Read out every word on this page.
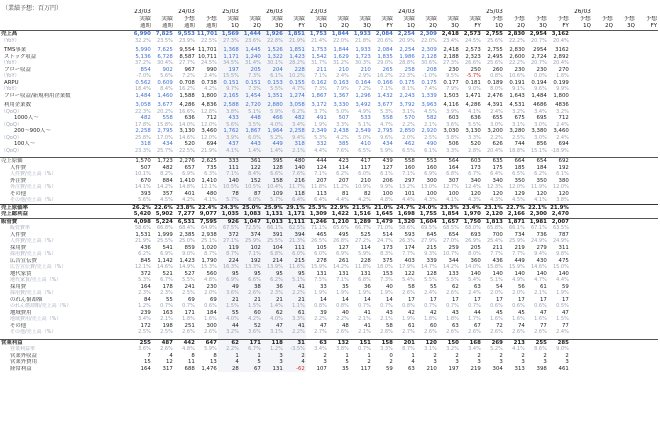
（業績予想：百万円）
		23/03		24/03		25/03		26/03		23/03				24/03				25/03				26/03			
	実績	実績	予想	予想	実績	実績	実績	実績	実績	実績	実績	実績	実績	実績	実績	実績	予想	予想	予想	予想	予想	予想	予想	予想
	通期	通期	通期	通期	1Q	2Q	3Q	FY	1Q	2Q	3Q	FY	1Q	2Q	3Q	FY	1Q	2Q	3Q	FY	1Q	2Q	3Q	FY
売上高	6,990	7,825	9,553	11,701	1,569	1,444	1,926	1,851	1,753	1,844	1,933	2,084	2,254	2,309	2,418	2,573	2,755	2,830	2,954	3,162				
（YoY）	32.2%	23.5%	23.9%	22.5%	27.3%	23.6%	22.8%	21.9%	21.4%	22.0%	21.8%	20.6%	20.9%	22.0%	23.4%	24.5%	25.6%	22.2%	20.7%	20.4%				

TMS事業	5,990	7,625	9,554	11,701	1,368	1,445	1,526	1,851	1,753	1,844	1,933	2,084	2,254	2,309	2,418	2,573	2,755	2,830	2954	3162				
ストック収益	5,136	6,728	8,587	10,711	1,171	1,240	1,322	1,423	1,542	1,629	1,723	1,835	1,986	2,128	2,188	2,323	2,495	2,600	2,724	2,892				
（YoY）	37.2%	30.4%	27.7%	24.5%	34.5%	31.4%	30.1%	28.2%	31.7%	31.2%	30.3%	29.0%	28.8%	30.6%	27.3%	26.6%	25.6%	22.2%	20.7%	20.4%				
フロー収益	854	902	967	990	197	205	204	228	211	210	210	265	258	208	230	250	260	230	230	270				
（YoY）	-7.0%	5.6%	7.2%	2.4%	15.5%	7.3%	6.1%	10.2%	7.1%	2.4%	2.9%	16.2%	22.3%	-1.0%	9.5%	-5.7%	0.8%	10.6%	0.0%	1.8%				
ARPU	0.562	0.609	0.708	0.738	0.151	0.151	0.153	0.155	0.162	0.163	0.164	0.166	0.175	0.175	0.177	0.181	0.189	0.191	0.194	0.199				
（YoY）	18.4%	8.4%	16.2%	4.2%	9.7%	7.3%	5.5%	4.7%	7.3%	7.9%	7.2%	7.1%	8.1%	7.4%	7.9%	9.0%	8.0%	9.1%	9.6%	9.9%				
フロー収益/新規利用企業数	1,484	1,460	1,588	1,800	2,165	1,454	1,351	1,274	1,867	1,367	1,296	1,432	2,243	1,339	1,503	1,471	2,476	1,643	1,484	1,800				

利用企業数	3,058	3,677	4,286	4,836	2,588	2,720	2,880	3,058	3,172	3,330	3,492	3,677	3,792	3,963	4,116	4,286	4,391	4,531	4686	4836				
（QoQ）	22.3%	20.2%	16.6%	12.8%	3.8%	5.1%	5.9%	6.2%	3.7%	5.0%	4.9%	5.3%	3.1%	4.5%	3.9%	4.1%	2.4%	3.2%	3.4%	3.2%				
1000人～	482	558	636	712	433	448	466	482	491	507	533	558	570	582	603	636	655	675	695	712				
（QoQ）	17.8%	15.8%	14.0%	12.0%	5.6%	3.5%	4.0%	3.4%	1.9%	3.3%	5.1%	4.7%	2.2%	2.1%	3.6%	5.5%	3.0%	3.1%	3.0%	2.4%				
200～900人～	2,258	2,795	3,130	3,460	1,762	1,867	1,964	2,258	2,349	2,438	2,549	2,795	2,850	2,920	3,030	3,130	3,200	3,280	3,380	3,460				
（QoQ）	25.8%	17.0%	14.6%	12.0%	3.9%	6.0%	5.2%	9.4%	5.3%	4.2%	5.0%	9.6%	2.0%	2.5%	3.8%	3.3%	2.2%	2.5%	3.0%	2.4%				
100人～	318	434	520	694	437	443	449	318	332	385	410	434	462	490	506	520	626	744	856	694				
（QoQ）	23.3%	25.7%	22.5%	21.9%	4.1%	1.4%	1.4%	2.1%	4.4%	7.6%	6.5%	5.9%	6.5%	6.1%	3.3%	2.8%	20.4%	18.8%	15.1%	-18.9%				

売上原価	1,570	1,723	2,276	2,625	333	361	395	480	444	423	417	439	558	553	564	603	635	664	654	692				
人件費	507	482	657	735	111	122	128	140	124	114	117	127	160	160	164	173	175	185	184	192				
人件費/売上高（%）	10.1%	8.2%	6.9%	6.3%	7.1%	8.4%	6.6%	7.6%	7.1%	6.2%	6.0%	6.1%	7.1%	6.9%	6.8%	6.7%	6.4%	6.5%	6.2%	6.1%				
外注費	670	884	1,410	1,410	140	152	158	216	207	207	210	206	297	300	307	340	340	350	350	380				
外注費/売上高（%）	14.1%	14.2%	14.8%	12.1%	10.5%	10.5%	10.4%	11.7%	11.8%	11.2%	10.9%	9.9%	13.2%	13.0%	12.7%	12.4%	12.3%	12.0%	11.9%	12.0%				
その他	393	357	401	480	78	87	109	118	113	81	82	100	101	100	100	120	120	129	120	120				
その他/売上高（%）	5.6%	4.5%	4.2%	4.1%	5.7%	6.0%	5.7%	6.4%	6.4%	4.4%	4.2%	4.8%	4.4%	4.3%	4.1%	4.3%	4.3%	4.5%	4.1%	3.8%				
売上原価率	26.2%	22.6%	23.8%	22.4%	24.3%	25.0%	25.9%	29.1%	25.3%	22.9%	21.5%	21.0%	24.7%	24.0%	23.3%	23.4%	23.1%	22.7%	22.1%	21.9%				
売上総利益	5,420	5,902	7,277	9,077	1,035	1,083	1,131	1,171	1,309	1,422	1,516	1,645	1,698	1,755	1,854	1,970	2,120	2,166	2,300	2,470				
販管費	4,098	5,224	6,531	7,595	926	1,047	1,013	1,111	1,246	1,210	1,289	1,479	1,320	1,604	1,657	1,750	1,813	1,871	1,981	2,007				
販管費率	58.6%	66.8%	68.4%	64.9%	67.5%	72.5%	66.1%	62.5%	71.1%	65.6%	66.7%	71.0%	58.6%	69.5%	68.5%	68.0%	65.8%	66.1%	67.1%	63.5%				
人件費	1,531	1,999	2,385	2,938	372	374	391	394	465	495	525	514	593	645	654	693	700	734	736	787				
人件費/売上高（%）	21.9%	25.5%	25.0%	25.1%	27.1%	25.9%	25.5%	21.3%	26.5%	26.8%	27.2%	24.7%	26.3%	27.9%	27.0%	26.9%	25.4%	25.9%	24.9%	24.9%				
採用費	436	541	859	1,020	119	102	104	111	105	127	114	173	174	215	259	205	211	219	279	311				
採用費/売上高（%）	6.2%	6.9%	9.0%	8.7%	8.7%	7.1%	6.8%	6.0%	6.0%	6.9%	5.9%	8.3%	7.7%	9.3%	10.7%	8.0%	7.7%	7.7%	9.4%	9.8%				
広告宣伝費	845	1,142	1,423	1,790	224	192	214	215	278	261	228	375	403	339	344	360	436	449	430	475				
広告宣伝費/売上高（%）	12.1%	14.6%	14.9%	15.3%	16.3%	13.3%	13.9%	11.6%	15.9%	14.2%	11.8%	18.0%	17.9%	14.7%	14.2%	14.0%	15.8%	15.9%	14.6%	15.0%				
地代家賃	372	521	527	560	95	95	95	95	131	131	131	153	122	128	133	140	140	140	140	140				
地代家賃/売上高（%）	5.3%	6.7%	5.5%	4.8%	6.9%	6.6%	6.2%	5.1%	7.5%	7.1%	6.8%	7.3%	5.4%	5.5%	5.5%	5.4%	5.1%	4.9%	4.7%	4.4%				
採用費	164	178	241	230	49	38	36	41	33	35	36	40	58	55	62	63	54	56	61	59				
採用費/売上高（%）	2.3%	2.3%	2.5%	2.0%	3.6%	2.6%	2.3%	2.2%	1.9%	1.9%	1.9%	1.9%	2.6%	2.4%	2.6%	2.4%	2.0%	2.0%	2.1%	1.9%				
のれん償却額	84	55	69	69	21	21	21	21	14	14	14	14	17	17	17	17	17	17	17	17				
のれん償却額/売上高（%）	1.2%	0.7%	0.7%	0.6%	1.5%	1.5%	1.4%	1.1%	0.8%	0.8%	0.7%	0.7%	0.8%	0.7%	0.7%	0.7%	0.6%	0.6%	0.6%	0.5%				
地域費用	239	163	171	184	55	60	62	61	39	40	41	43	42	42	43	44	45	45	47	47				
地域費用/売上高（%）	3.4%	2.1%	1.8%	1.6%	4.0%	4.2%	4.0%	3.3%	2.2%	2.2%	2.1%	2.1%	1.9%	1.8%	1.8%	1.7%	1.6%	1.6%	1.6%	1.5%				
その他	172	198	251	300	44	52	47	41	47	48	41	58	61	60	63	67	72	74	77	77				
その他/売上高（%）	2.5%	2.5%	2.6%	2.6%	3.2%	3.6%	3.1%	2.2%	2.7%	2.6%	2.1%	2.8%	2.7%	2.6%	2.6%	2.6%	2.6%	2.6%	2.6%	2.4%				

営業利益	255	487	442	647	62	171	118	31	63	132	151	158	201	120	150	168	269	213	255	285				
営業利益率	3.6%	2.6%	4.8%	5.9%	2.2%	6.7%	1.2%	-3.5%	3.4%	3.8%	0.7%	3.3%	8.7%	3.1%	3.2%	3.4%	5.2%	4.1%	8.6%	9.0%				
営業外収益	7	4	8	8	1	1	3	2	2	1	1	0	1	2	2	2	2	2	2	2				
営業外費用	15	12	11	13	4	5	3	4	3	5	2	2	4	3	3	3	3	3	3	3				
経常利益	164	317	688	1,476	28	67	131	-62	107	35	117	59	63	210	197	219	304	313	398	461				
